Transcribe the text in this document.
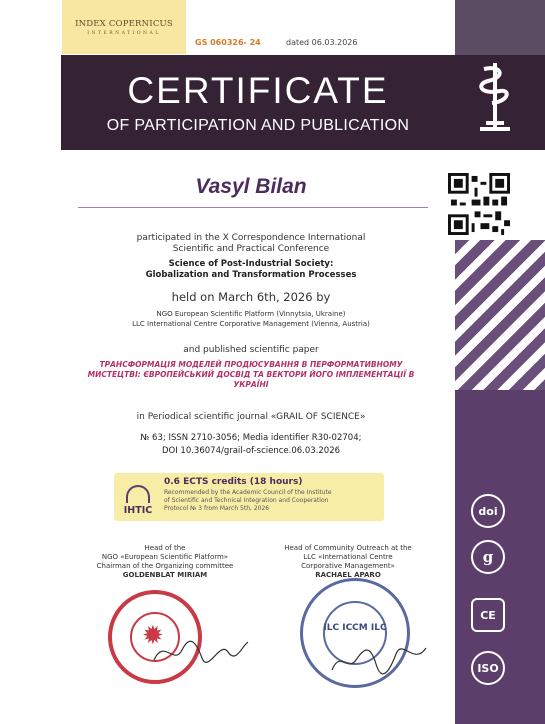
INDEX COPERNICUS
INTERNATIONAL
GS 060326- 24	dated 06.03.2026
CERTIFICATE
OF PARTICIPATION AND PUBLICATION
doi
g
CE
ISO
Vasyl Bilan
participated in the X Correspondence International
Scientific and Practical Conference
Science of Post-Industrial Society:
Globalization and Transformation Processes
held on March 6th, 2026 by
NGO European Scientific Platform (Vinnytsia, Ukraine)
LLC International Centre Corporative Management (Vienna, Austria)
and published scientific paper
ТРАНСФОРМАЦІЯ МОДЕЛЕЙ ПРОДЮСУВАННЯ В ПЕРФОРМАТИВНОМУ
МИСТЕЦТВІ: ЄВРОПЕЙСЬКИЙ ДОСВІД ТА ВЕКТОРИ ЙОГО ІМПЛЕМЕНТАЦІЇ В
УКРАЇНІ
in Periodical scientific journal «GRAIL OF SCIENCE»
№ 63; ISSN 2710-3056; Media identifier R30-02704;
DOI 10.36074/grail-of-science.06.03.2026
IHTIC
0.6 ECTS credits (18 hours)
Recommended by the Academic Council of the Institute
of Scientific and Technical Integration and Cooperation
Protocol № 3 from March 5th, 2026
Head of the
NGO «European Scientific Platform»
Chairman of the Organizing committee
GOLDENBLAT MIRIAM
Head of Community Outreach at the
LLC «International Centre
Corporative Management»
RACHAEL APARO
✹	ILC ICCM ILC
